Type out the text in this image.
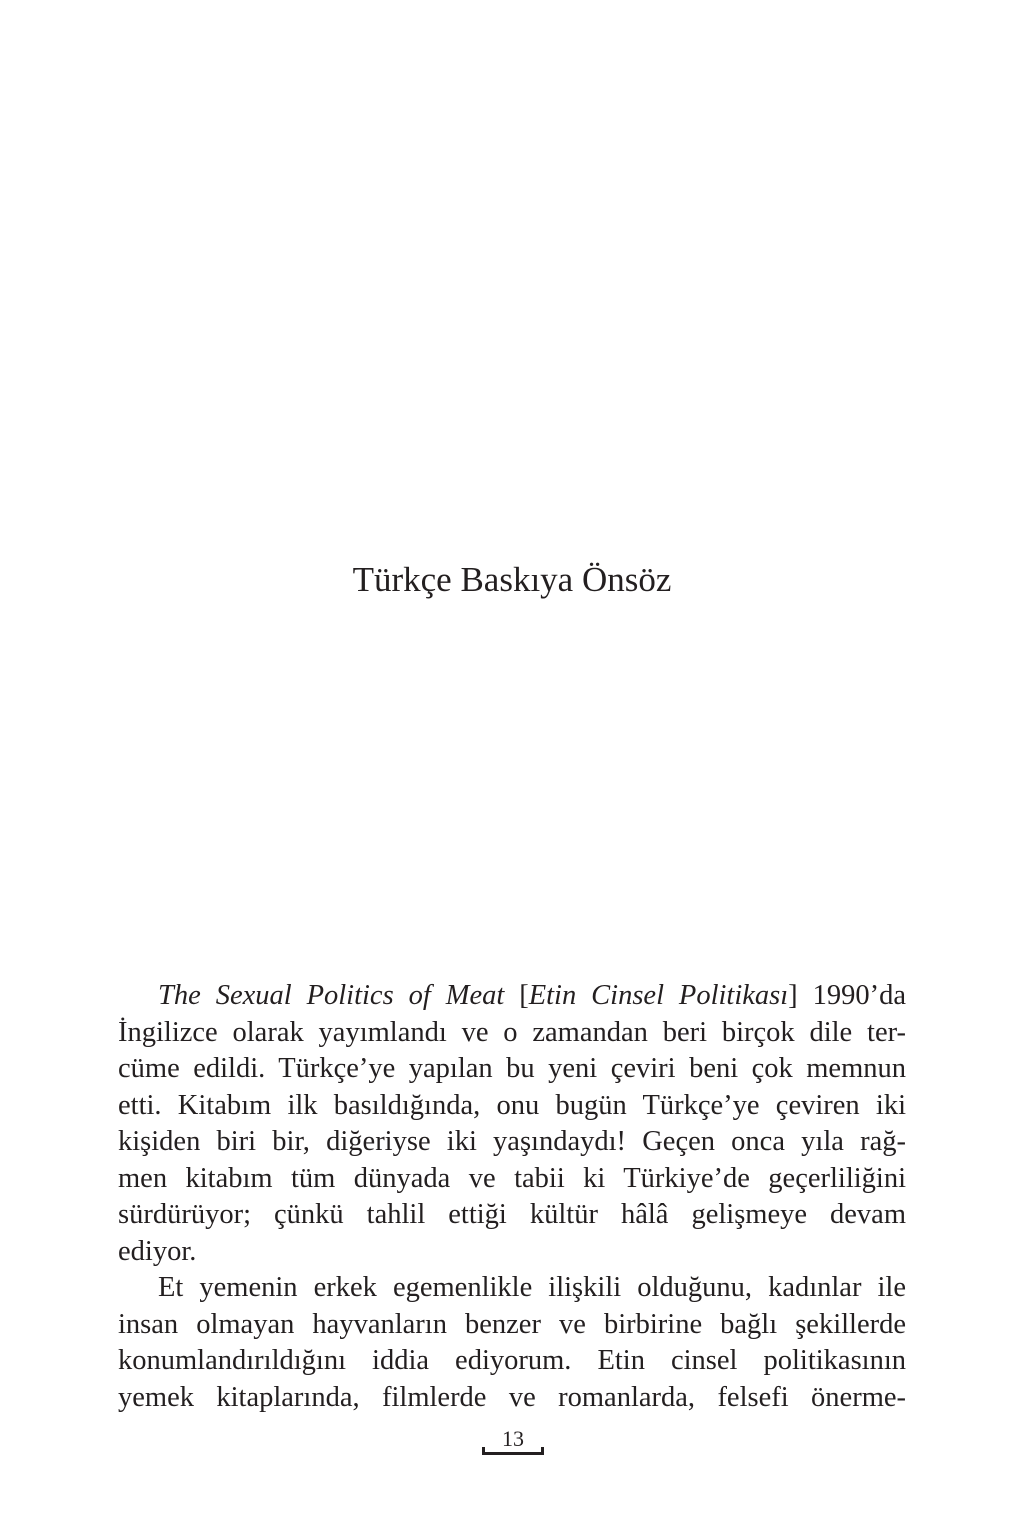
Türkçe Baskıya Önsöz
The Sexual Politics of Meat [Etin Cinsel Politikası] 1990’da
İngilizce olarak yayımlandı ve o zamandan beri birçok dile ter-
cüme edildi. Türkçe’ye yapılan bu yeni çeviri beni çok memnun
etti. Kitabım ilk basıldığında, onu bugün Türkçe’ye çeviren iki
kişiden biri bir, diğeriyse iki yaşındaydı! Geçen onca yıla rağ-
men kitabım tüm dünyada ve tabii ki Türkiye’de geçerliliğini
sürdürüyor; çünkü tahlil ettiği kültür hâlâ gelişmeye devam
ediyor.
Et yemenin erkek egemenlikle ilişkili olduğunu, kadınlar ile
insan olmayan hayvanların benzer ve birbirine bağlı şekillerde
konumlandırıldığını iddia ediyorum. Etin cinsel politikasının
yemek kitaplarında, filmlerde ve romanlarda, felsefi önerme-
13
